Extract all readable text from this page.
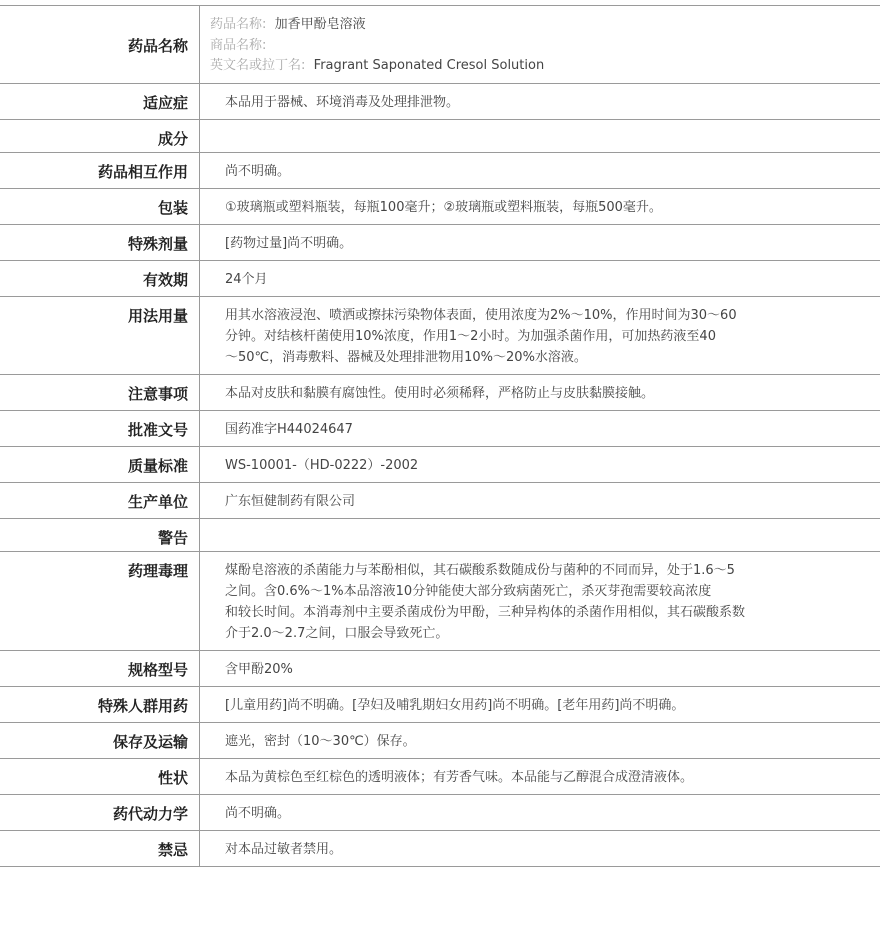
药品名称
药品名称: 加香甲酚皂溶液
商品名称:
英文名或拉丁名: Fragrant Saponated Cresol Solution
适应症	本品用于器械、环境消毒及处理排泄物。
成分
药品相互作用	尚不明确。
包装	①玻璃瓶或塑料瓶装，每瓶100毫升；②玻璃瓶或塑料瓶装，每瓶500毫升。
特殊剂量	[药物过量]尚不明确。
有效期	24个月
用法用量	用其水溶液浸泡、喷洒或擦抹污染物体表面，使用浓度为2%～10%，作用时间为30～60
分钟。对结核杆菌使用10%浓度，作用1～2小时。为加强杀菌作用，可加热药液至40
～50℃，消毒敷料、器械及处理排泄物用10%～20%水溶液。
注意事项	本品对皮肤和黏膜有腐蚀性。使用时必须稀释，严格防止与皮肤黏膜接触。
批准文号	国药准字H44024647
质量标准	WS-10001-（HD-0222）-2002
生产单位	广东恒健制药有限公司
警告
药理毒理	煤酚皂溶液的杀菌能力与苯酚相似，其石碳酸系数随成份与菌种的不同而异，处于1.6～5
之间。含0.6%～1%本品溶液10分钟能使大部分致病菌死亡，杀灭芽孢需要较高浓度
和较长时间。本消毒剂中主要杀菌成份为甲酚，三种异构体的杀菌作用相似，其石碳酸系数
介于2.0～2.7之间，口服会导致死亡。
规格型号	含甲酚20%
特殊人群用药	[儿童用药]尚不明确。[孕妇及哺乳期妇女用药]尚不明确。[老年用药]尚不明确。
保存及运输	遮光，密封（10～30℃）保存。
性状	本品为黄棕色至红棕色的透明液体；有芳香气味。本品能与乙醇混合成澄清液体。
药代动力学	尚不明确。
禁忌	对本品过敏者禁用。
